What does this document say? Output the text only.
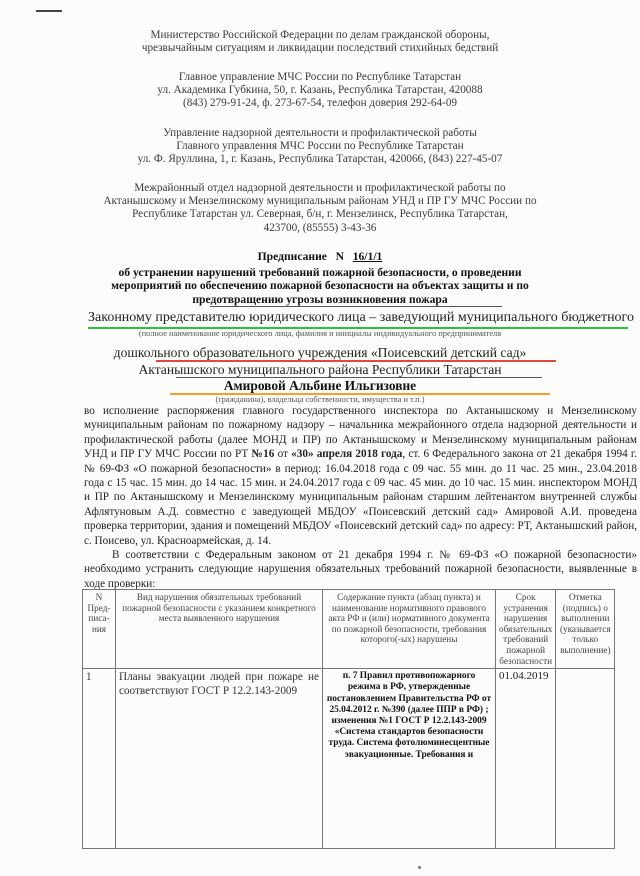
Министерство Российской Федерации по делам гражданской обороны,
чрезвычайным ситуациям и ликвидации последствий стихийных бедствий
Главное управление МЧС России по Республике Татарстан
ул. Академика Губкина, 50, г. Казань, Республика Татарстан, 420088
(843) 279-91-24, ф. 273-67-54, телефон доверия 292-64-09
Управление надзорной деятельности и профилактической работы
Главного управления МЧС России по Республике Татарстан
ул. Ф. Яруллина, 1, г. Казань, Республика Татарстан, 420066, (843) 227-45-07
Межрайонный отдел надзорной деятельности и профилактической работы по
Актанышскому и Мензелинскому муниципальным районам УНД и ПР ГУ МЧС России по
Республике Татарстан ул. Северная, б/н, г. Мензелинск, Республика Татарстан,
423700, (85555) 3-43-36
Предписание N 16/1/1
об устранении нарушений требований пожарной безопасности, о проведении
мероприятий по обеспечению пожарной безопасности на объектах защиты и по
предотвращению угрозы возникновения пожара
Законному представителю юридического лица – заведующий муниципального бюджетного
(полное наименование юридического лица, фамилия и инициалы индивидуального предпринимателя
дошкольного образовательного учреждения «Поисевский детский сад»
Актанышского муниципального района Республики Татарстан
Амировой Альбине Ильгизовне
(гражданина), владельца собственности, имущества и т.п.)

во исполнение распоряжения главного государственного инспектора по Актанышскому и Мензелинскому муниципальным районам по пожарному надзору – начальника межрайонного отдела надзорной деятельности и профилактической работы (далее МОНД и ПР) по Актанышскому и Мензелинскому муниципальным районам УНД и ПР ГУ МЧС России по РТ №16 от «30» апреля 2018 года, ст. 6 Федерального закона от 21 декабря 1994 г. № 69-ФЗ «О пожарной безопасности» в период: 16.04.2018 года с 09 час. 55 мин. до 11 час. 25 мин., 23.04.2018 года с 15 час. 15 мин. до 14 час. 15 мин. и 24.04.2017 года с 09 час. 45 мин. до 10 час. 15 мин. инспектором МОНД и ПР по Актанышскому и Мензелинскому муниципальным районам старшим лейтенантом внутренней службы Афлятуновым А.Д. совместно с заведующей МБДОУ «Поисевский детский сад» Амировой А.И. проведена проверка территории, здания и помещений МБДОУ «Поисевский детский сад» по адресу: РТ, Актанышский район, с. Поисево, ул. Красноармейская, д. 14.

В соответствии с Федеральным законом от 21 декабря 1994 г. № 69-ФЗ «О пожарной безопасности» необходимо устранить следующие нарушения обязательных требований пожарной безопасности, выявленные в ходе проверки:

N Пред-писа-ния	Вид нарушения обязательных требований пожарной безопасности с указанием конкретного места выявленного нарушения	Содержание пункта (абзац пункта) и наименование нормативного правового акта РФ и (или) нормативного документа по пожарной безопасности, требования которого(-ых) нарушены	Срок устранения нарушения обязательных требований пожарной безопасности	Отметка (подпись) о выполнении (указывается только выполнение)
1	Планы эвакуации людей при пожаре не соответствуют ГОСТ Р 12.2.143-2009	п. 7 Правил противопожарного режима в РФ, утвержденные постановлением Правительства РФ от 25.04.2012 г. №390 (далее ППР в РФ) ; изменения №1 ГОСТ Р 12.2.143-2009 «Система стандартов безопасности труда. Система фотолюминесцентные эвакуационные. Требования и	01.04.2019	
